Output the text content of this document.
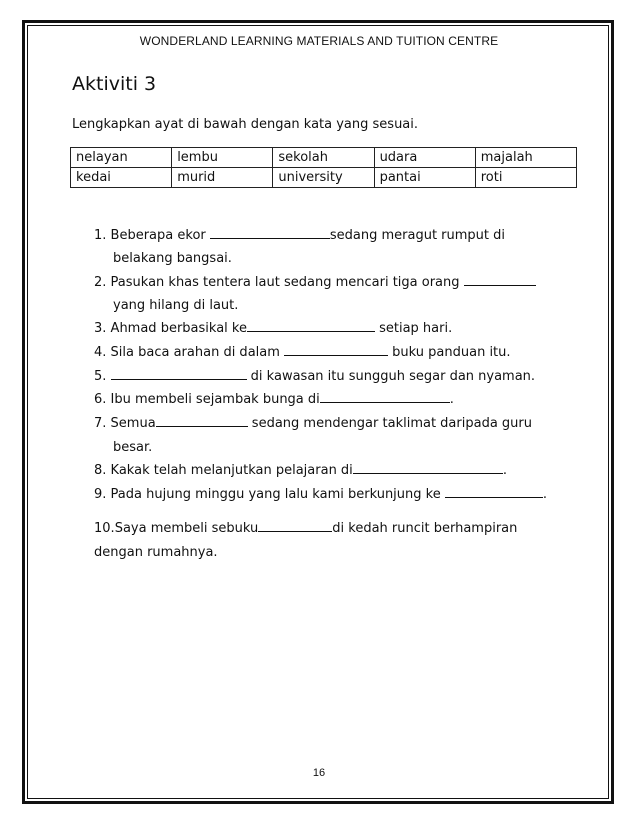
WONDERLAND LEARNING MATERIALS AND TUITION CENTRE
Aktiviti 3
Lengkapkan ayat di bawah dengan kata yang sesuai.
nelayan	lembu	sekolah	udara	majalah
kedai	murid	university	pantai	roti
1. Beberapa ekor	sedang meragut rumput di
belakang bangsai.
2. Pasukan khas tentera laut sedang mencari tiga orang
yang hilang di laut.
3. Ahmad berbasikal ke	setiap hari.
4. Sila baca arahan di dalam	buku panduan itu.
5.	di kawasan itu sungguh segar dan nyaman.
6. Ibu membeli sejambak bunga di	.
7. Semua	sedang mendengar taklimat daripada guru
besar.
8. Kakak telah melanjutkan pelajaran di	.
9. Pada hujung minggu yang lalu kami berkunjung ke	.
10.Saya membeli sebuku	di kedah runcit berhampiran
dengan rumahnya.
16
